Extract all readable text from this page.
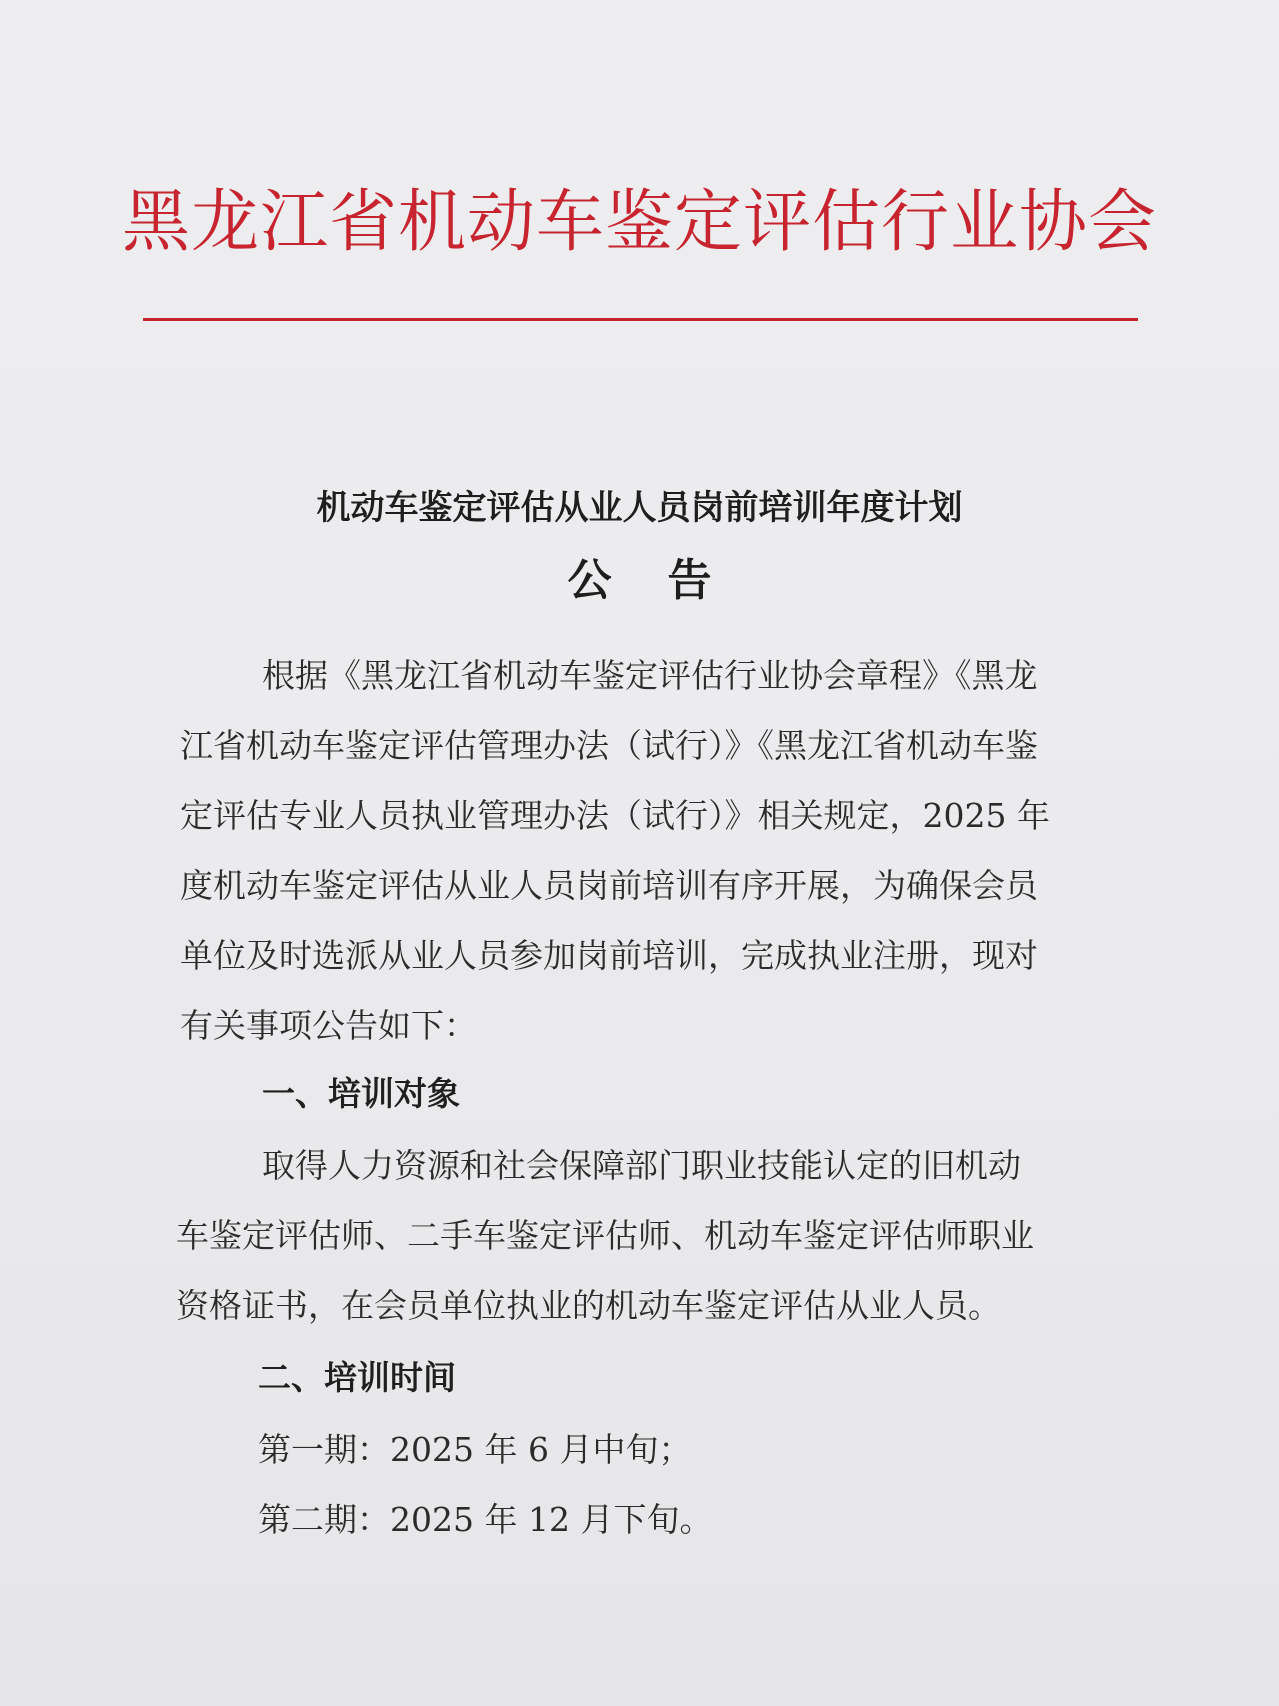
黑龙江省机动车鉴定评估行业协会
机动车鉴定评估从业人员岗前培训年度计划
公告
根据《黑龙江省机动车鉴定评估行业协会章程》《黑龙
江省机动车鉴定评估管理办法（试行）》《黑龙江省机动车鉴
定评估专业人员执业管理办法（试行）》相关规定，2025 年
度机动车鉴定评估从业人员岗前培训有序开展，为确保会员
单位及时选派从业人员参加岗前培训，完成执业注册，现对
有关事项公告如下：
一、培训对象
取得人力资源和社会保障部门职业技能认定的旧机动
车鉴定评估师、二手车鉴定评估师、机动车鉴定评估师职业
资格证书，在会员单位执业的机动车鉴定评估从业人员。
二、培训时间
第一期：2025 年 6 月中旬；
第二期：2025 年 12 月下旬。
